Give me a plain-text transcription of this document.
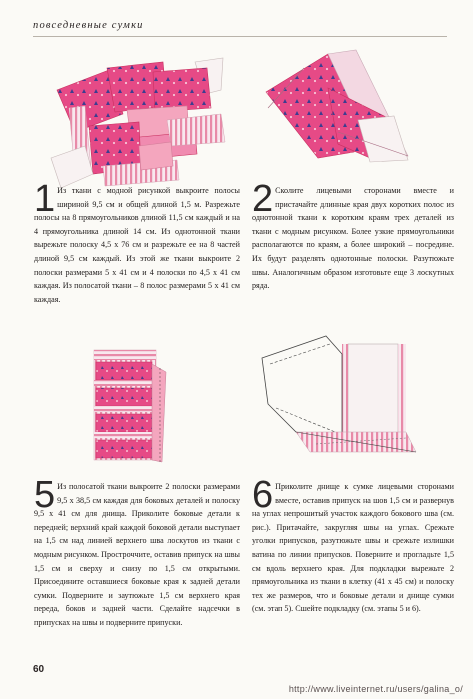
повседневные сумки
1 Из ткани с модной рисункой выкроите полосы шириной 9,5 см и общей длиной 1,5 м. Разрежьте полосы на 8 прямоугольников длиной 11,5 см каждый и на 4 прямоугольника длиной 14 см. Из однотонной ткани вырежьте полоску 4,5 х 76 см и разрежьте ее на 8 частей длиной 9,5 см каждый. Из этой же ткани выкроите 2 полоски размерами 5 х 41 см и 4 полоски по 4,5 х 41 см каждая. Из полосатой ткани – 8 полос размерами 5 х 41 см каждая.
2 Сколите лицевыми сторонами вместе и пристачайте длинные края двух коротких полос из однотонной ткани к коротким краям трех деталей из ткани с модным рисунком. Более узкие прямоугольники располагаются по краям, а более широкий – посредине. Их будут разделять однотонные полоски. Разутюжьте швы. Аналогичным образом изготовьте еще 3 лоскутных ряда.
5 Из полосатой ткани выкроите 2 полоски размерами 9,5 х 38,5 см каждая для боковых деталей и полоску 9,5 х 41 см для днища. Приколите боковые детали к передней; верхний край каждой боковой детали выступает на 1,5 см над линией верхнего шва лоскутов из ткани с модным рисунком. Простроччите, оставив припуск на швы 1,5 см и сверху и снизу по 1,5 см открытыми. Присоедините оставшиеся боковые края к задней детали сумки. Подверните и заутюжьте 1,5 см верхнего края переда, боков и задней части. Сделайте надсечки в припусках на швы и подверните припуски.
6 Приколите днище к сумке лицевыми сторонами вместе, оставив припуск на шов 1,5 см и развернув на углах непрошитый участок каждого бокового шва (см. рис.). Притачайте, закругляя швы на углах. Срежьте уголки припусков, разутюжьте швы и срежьте излишки ватина по линии припусков. Поверните и прогладьте 1,5 см вдоль верхнего края. Для подкладки вырежьте 2 прямоугольника из ткани в клетку (41 х 45 см) и полоску тех же размеров, что и боковые детали и днище сумки (см. этап 5). Сшейте подкладку (см. этапы 5 и 6).
60
http://www.liveinternet.ru/users/galina_o/
